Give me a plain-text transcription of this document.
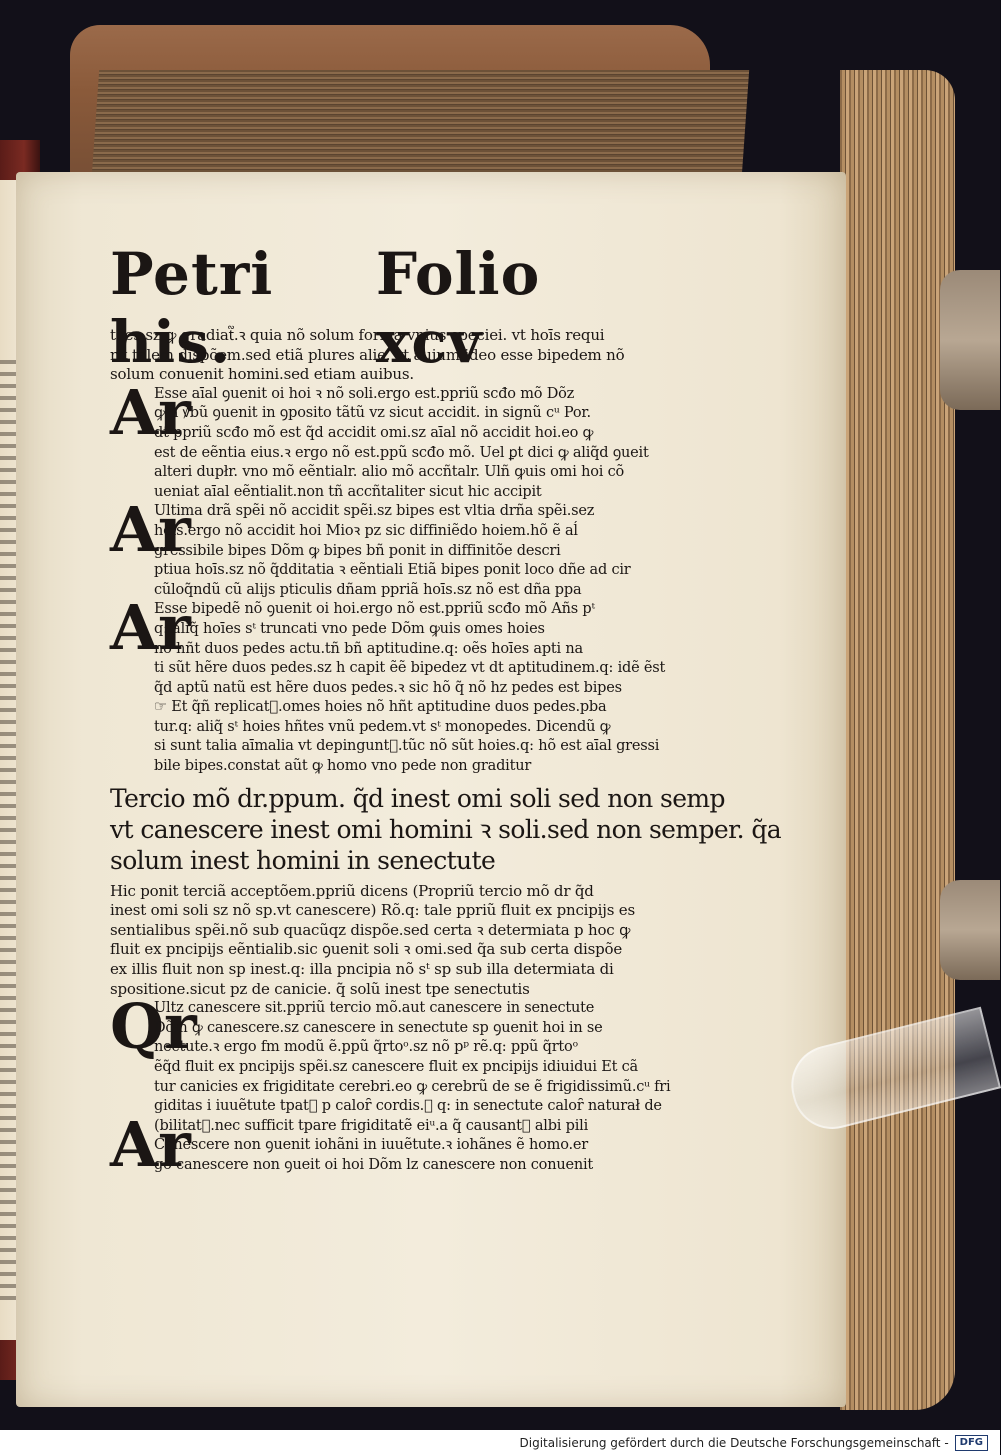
Petri his.
Folio xcv
tões.sz ꝙ gradiat᷑.ꝛ quia nõ solum forma vnius speciei. vt hoīs requi
rit talem dispõem.sed etiã plures alie. vt auium.ideo esse bipedem nõ
solum conuenit homini.sed etiam auibus.
Ar
Esse aīal ꝯuenit oi hoi ꝛ nõ soli.ergo est.ppriũ scđo mõ Dõz
ꝙ h ꝟbũ ꝯuenit in ꝯposito tãtũ vz sicut accidit. in signũ cᵘ Por.
dt ppriũ scđo mõ est q̃d accidit omi.sz aīal nõ accidit hoi.eo ꝙ
est de eẽntia eius.ꝛ ergo nõ est.ppũ scđo mõ. Uel ꝑt dici ꝙ aliq̃d ꝯueit
alteri dupłr. vno mõ eẽntialr. alio mõ accñtalr. Ulñ ꝙuis omi hoi cõ
ueniat aīal eẽntialit.non tñ accñtaliter sicut hic accipit
Ar
Ultima drã spẽi nõ accidit spẽi.sz bipes est vltia drña spẽi.sez
hoīs.ergo nõ accidit hoi Mioꝛ pz sic diffiniẽdo hoiem.hõ ẽ aĺ
gressibile bipes Dõm ꝙ bipes bñ ponit in diffinitõe descri
ptiua hoīs.sz nõ q̃dditatia ꝛ eẽntiali Etiã bipes ponit loco dñe ad cir
cũloq̃ndũ cũ alijs pticulis dñam ppriã hoīs.sz nõ est dña ppa
Ar
Esse bipedẽ nõ ꝯuenit oi hoi.ergo nõ est.ppriũ scđo mõ Añs pᵗ
q: aliq̃ hoīes sᵗ truncati vno pede Dõm ꝙuis omes hoies
nõ hñt duos pedes actu.tñ bñ aptitudine.q: oẽs hoīes apti na
ti sũt hẽre duos pedes.sz h capit ẽẽ bipedez vt dt aptitudinem.q: idẽ ẽst
q̃d aptũ natũ est hẽre duos pedes.ꝛ sic hõ q̃ nõ hz pedes est bipes
☞ Et q̃ñ replicat᷑.omes hoies nõ hñt aptitudine duos pedes.pba
tur.q: aliq̃ sᵗ hoies hñtes vnũ pedem.vt sᵗ monopedes. Dicendũ ꝙ
si sunt talia aīmalia vt depingunt᷑.tũc nõ sũt hoies.q: hõ est aīal gressi
bile bipes.constat aũt ꝙ homo vno pede non graditur
Tercio mõ dr.ppum. q̃d inest omi soli sed non semp
vt canescere inest omi homini ꝛ soli.sed non semper. q̃a
solum inest homini in senectute
Hic ponit terciã acceptõem.ppriũ dicens (Propriũ tercio mõ dr q̃d
inest omi soli sz nõ sp.vt canescere) Rõ.q: tale ppriũ fluit ex pncipijs es
sentialibus spẽi.nõ sub quacũqz dispõe.sed certa ꝛ determiata p hoc ꝙ
fluit ex pncipijs eẽntialib.sic ꝯuenit soli ꝛ omi.sed q̃a sub certa dispõe
ex illis fluit non sp inest.q: illa pncipia nõ sᵗ sp sub illa determiata di
spositione.sicut pz de canicie. q̃ solũ inest tpe senectutis
Qr
Ultz canescere sit.ppriũ tercio mõ.aut canescere in senectute
Dõm ꝙ canescere.sz canescere in senectute sp ꝯuenit hoi in se
nectute.ꝛ ergo fm modũ ẽ.ppũ q̃rtoᵒ.sz nõ pᵖ rẽ.q: ppũ q̃rtoᵒ
ẽq̃d fluit ex pncipijs spẽi.sz canescere fluit ex pncipijs idiuidui Et cã
tur canicies ex frigiditate cerebri.eo ꝙ cerebrũ de se ẽ frigidissimũ.cᵘ fri
giditas i iuuẽtute tpat᷑ p caloȓ cordis.ꝛ q: in senectute caloȓ naturał de
Ar
(bilitat᷑.nec sufficit tpare frigiditatẽ eiᵘ.a q̃ causant᷑ albi pili
Canescere non ꝯuenit iohãni in iuuẽtute.ꝛ iohãnes ẽ homo.er
go canescere non ꝯueit oi hoi Dõm lz canescere non conuenit
Digitalisierung gefördert durch die Deutsche Forschungsgemeinschaft -	DFG
